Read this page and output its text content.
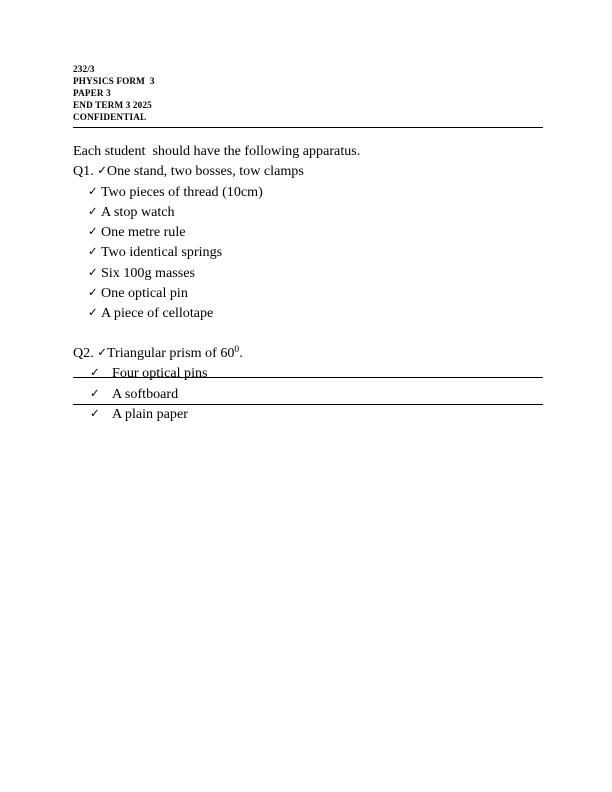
232/3
PHYSICS FORM  3
PAPER 3
END TERM 3 2025
CONFIDENTIAL
Each student  should have the following apparatus.
Q1. ✓One stand, two bosses, tow clamps
✓ Two pieces of thread (10cm)
✓ A stop watch
✓ One metre rule
✓ Two identical springs
✓ Six 100g masses
✓ One optical pin
✓ A piece of cellotape
Q2. ✓Triangular prism of $60^0$.
✓ Four optical pins
✓ A softboard
✓ A plain paper
